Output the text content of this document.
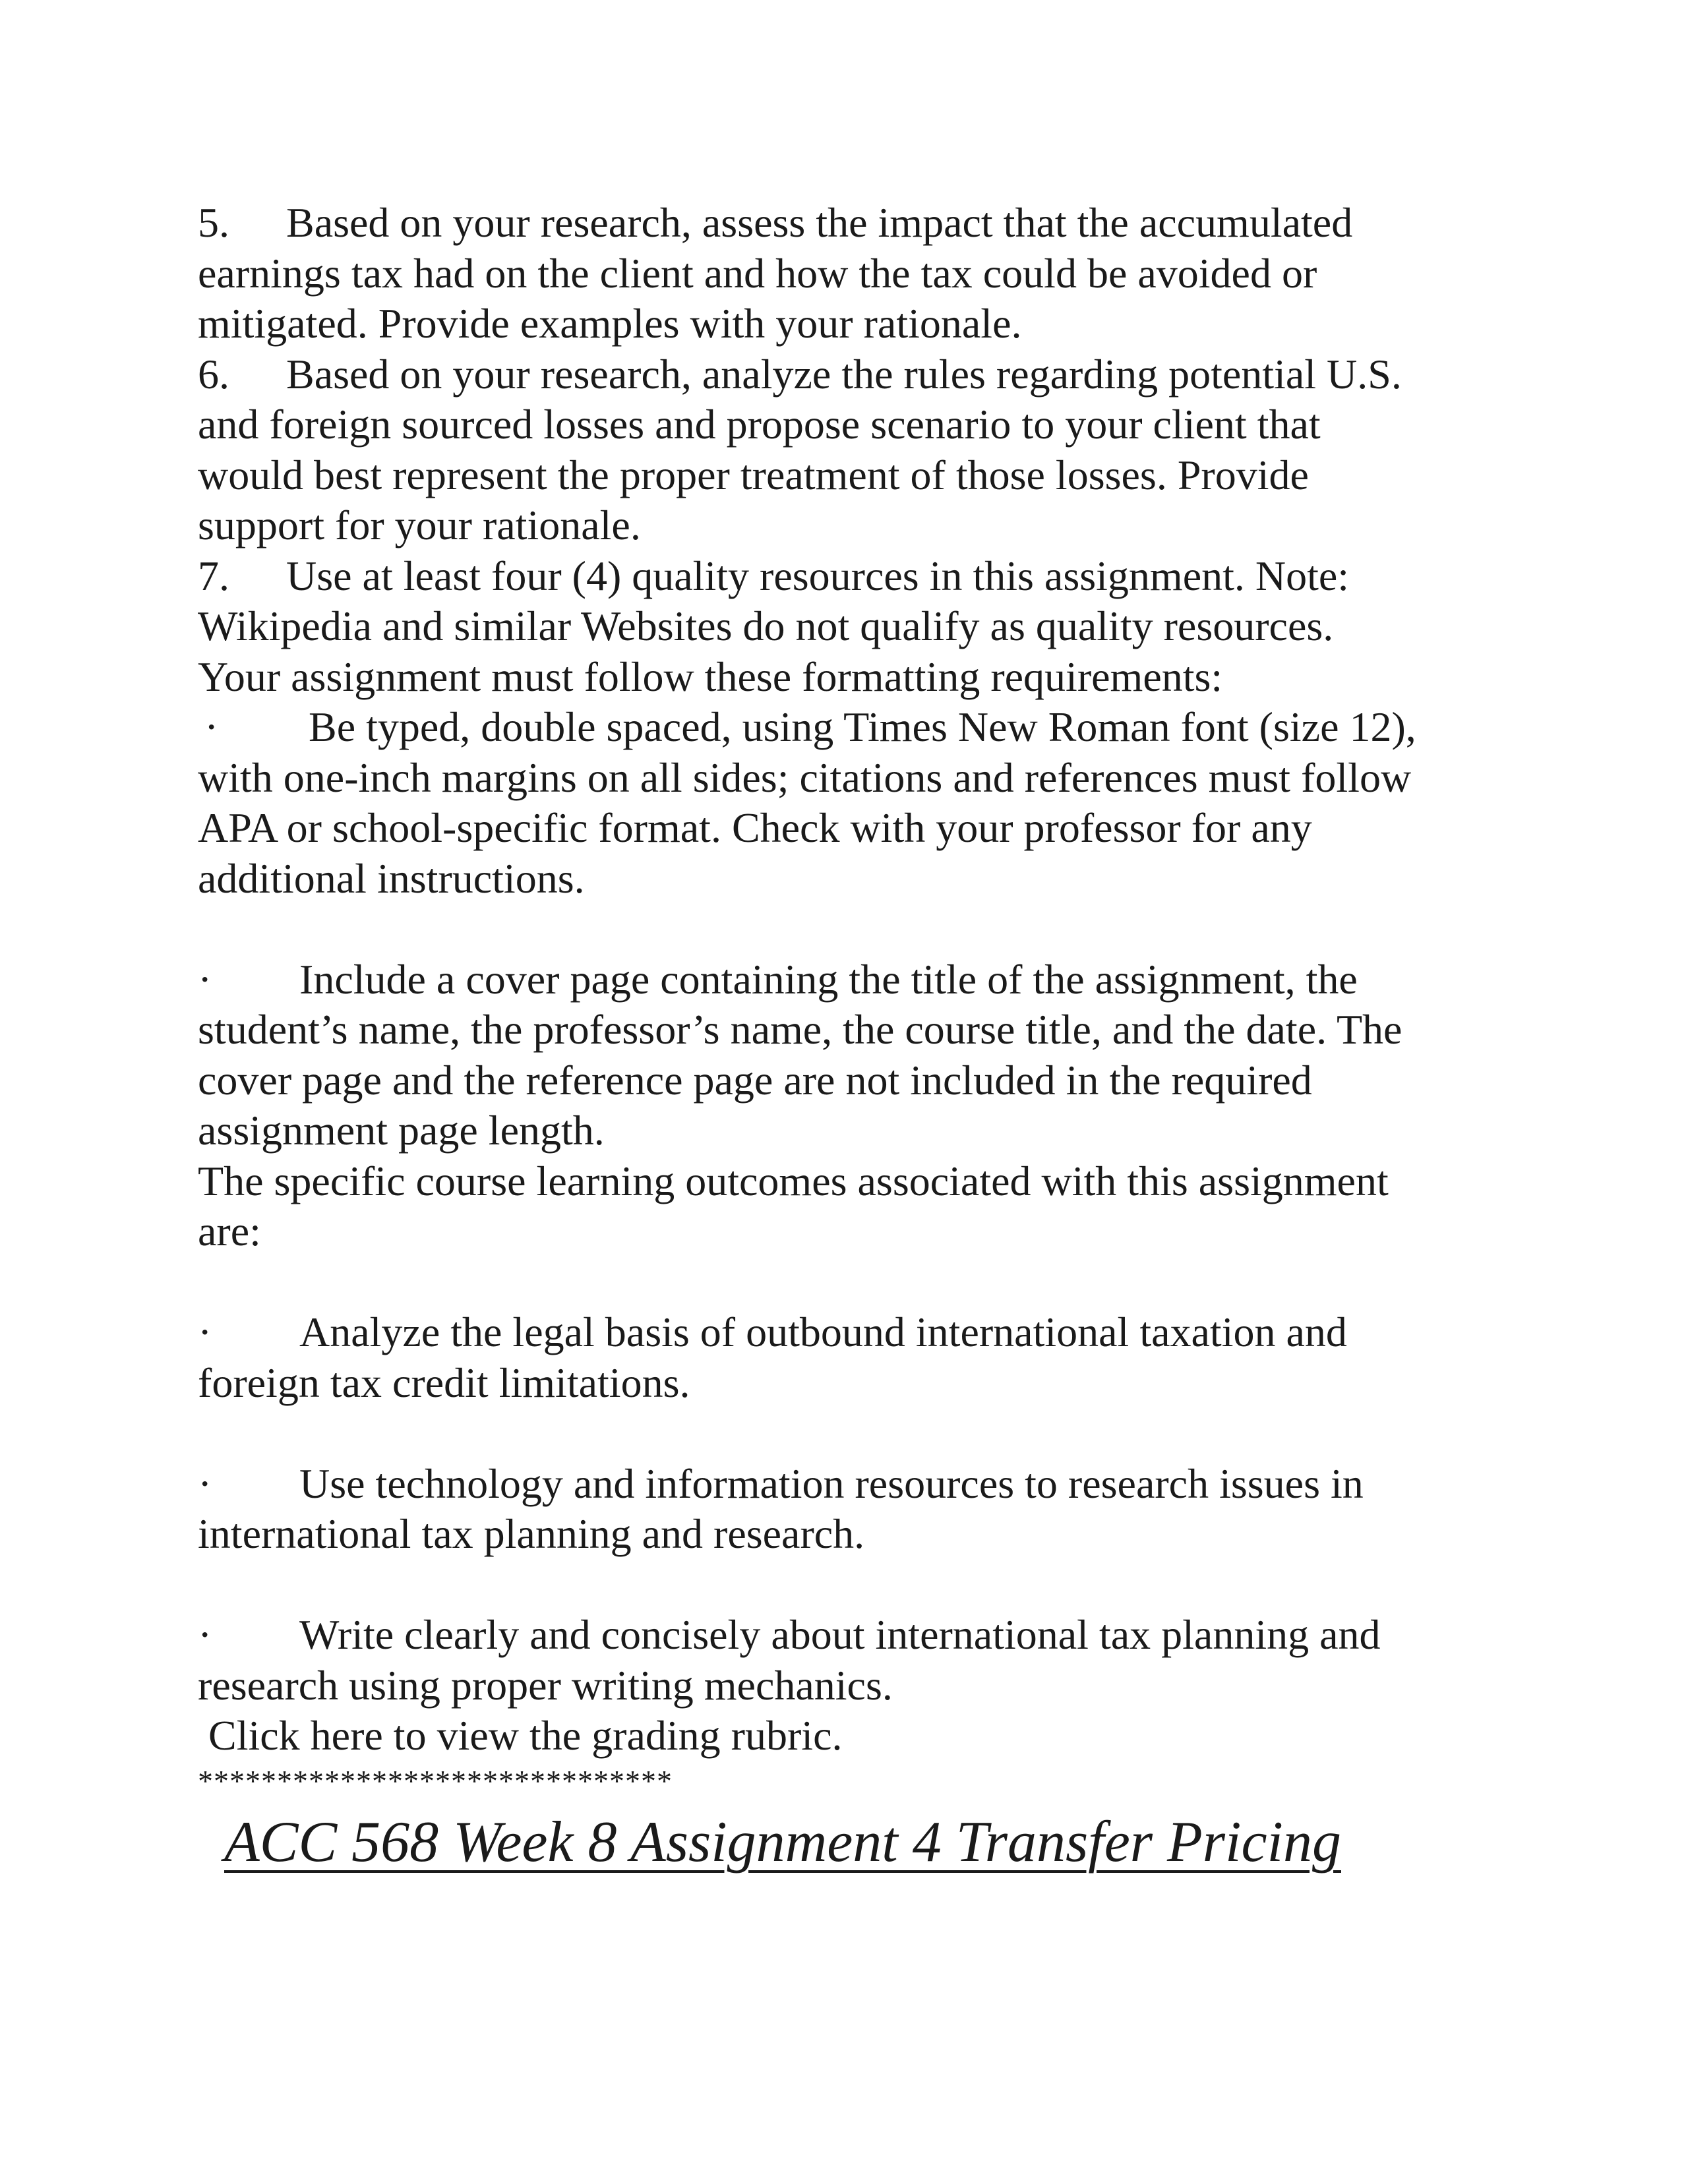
5. Based on your research, assess the impact that the accumulated

earnings tax had on the client and how the tax could be avoided or

mitigated. Provide examples with your rationale.

6. Based on your research, analyze the rules regarding potential U.S.

and foreign sourced losses and propose scenario to your client that

would best represent the proper treatment of those losses. Provide

support for your rationale.

7. Use at least four (4) quality resources in this assignment. Note:

Wikipedia and similar Websites do not qualify as quality resources.

Your assignment must follow these formatting requirements:

· Be typed, double spaced, using Times New Roman font (size 12),

with one-inch margins on all sides; citations and references must follow

APA or school-specific format. Check with your professor for any

additional instructions.

· Include a cover page containing the title of the assignment, the

student’s name, the professor’s name, the course title, and the date. The

cover page and the reference page are not included in the required

assignment page length.

The specific course learning outcomes associated with this assignment

are:

· Analyze the legal basis of outbound international taxation and

foreign tax credit limitations.

· Use technology and information resources to research issues in

international tax planning and research.

· Write clearly and concisely about international tax planning and

research using proper writing mechanics.

Click here to view the grading rubric.

******************************

ACC 568 Week 8 Assignment 4 Transfer Pricing
